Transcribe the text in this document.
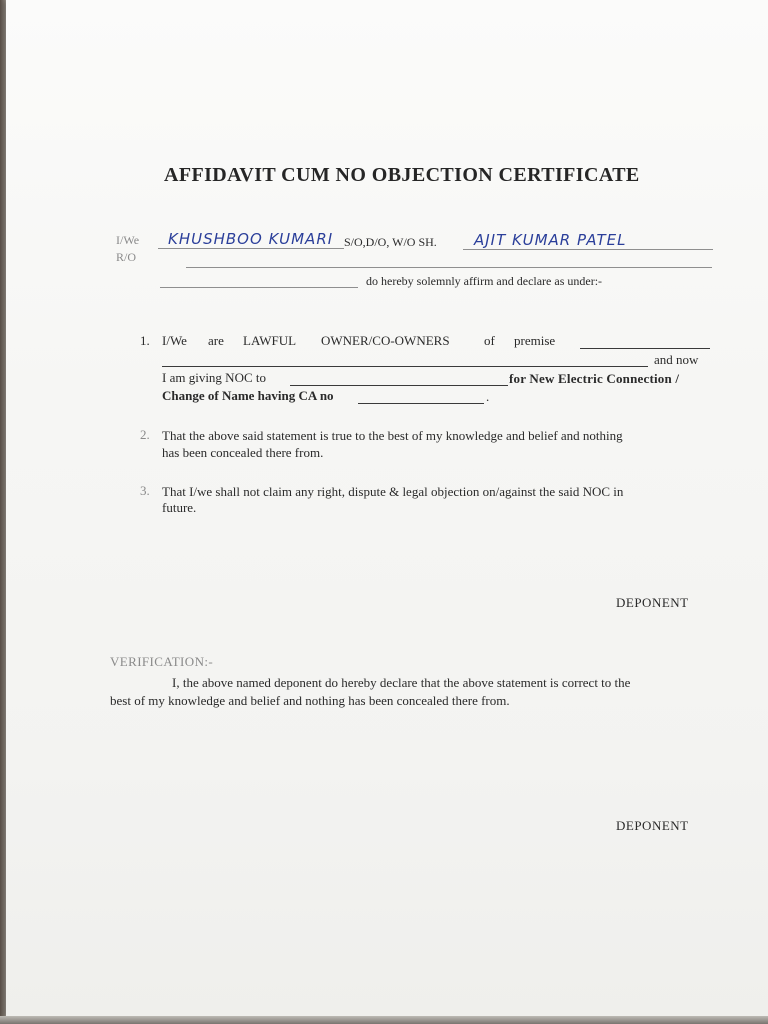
AFFIDAVIT CUM NO OBJECTION CERTIFICATE
I/We
R/O
KHUSHBOO KUMARI S/O,D/O, W/O SH. AJIT KUMAR PATEL
do hereby solemnly affirm and declare as under:-
1. I/We are LAWFUL OWNER/CO-OWNERS	of premise
and now
I am giving NOC to	for New Electric Connection /
Change of Name having CA no	.
2. That the above said statement is true to the best of my knowledge and belief and nothing
has been concealed there from.
3. That I/we shall not claim any right, dispute & legal objection on/against the said NOC in
future.
DEPONENT
VERIFICATION:-
I, the above named deponent do hereby declare that the above statement is correct to the
best of my knowledge and belief and nothing has been concealed there from.
DEPONENT
